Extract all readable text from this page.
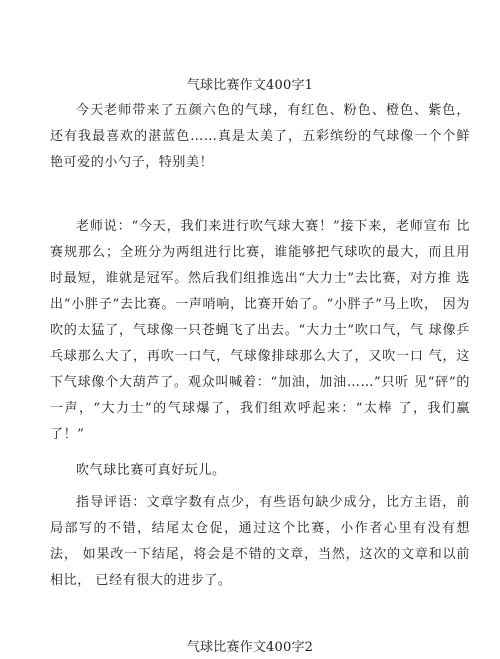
气球比赛作文400字1
今天老师带来了五颜六色的气球，有红色、粉色、橙色、紫色，还有我最喜欢的湛蓝色……真是太美了，五彩缤纷的气球像一个个鲜 艳可爱的小勺子，特别美！
老师说：“今天，我们来进行吹气球大赛！”接下来，老师宣布 比赛规那么；全班分为两组进行比赛，谁能够把气球吹的最大，而且用 时最短，谁就是冠军。然后我们组推选出“大力士”去比赛，对方推 选出“小胖子”去比赛。一声哨响，比赛开始了。“小胖子”马上吹， 因为吹的太猛了，气球像一只苍蝇飞了出去。“大力士”吹口气，气 球像乒乓球那么大了，再吹一口气，气球像排球那么大了，又吹一口 气，这下气球像个大葫芦了。观众叫喊着：“加油，加油……”只听 见“砰”的一声，“大力士”的气球爆了，我们组欢呼起来：“太棒 了，我们赢了！”
吹气球比赛可真好玩儿。
指导评语：文章字数有点少，有些语句缺少成分，比方主语，前 局部写的不错，结尾太仓促，通过这个比赛，小作者心里有没有想法， 如果改一下结尾，将会是不错的文章，当然，这次的文章和以前相比， 已经有很大的进步了。
气球比赛作文400字2
